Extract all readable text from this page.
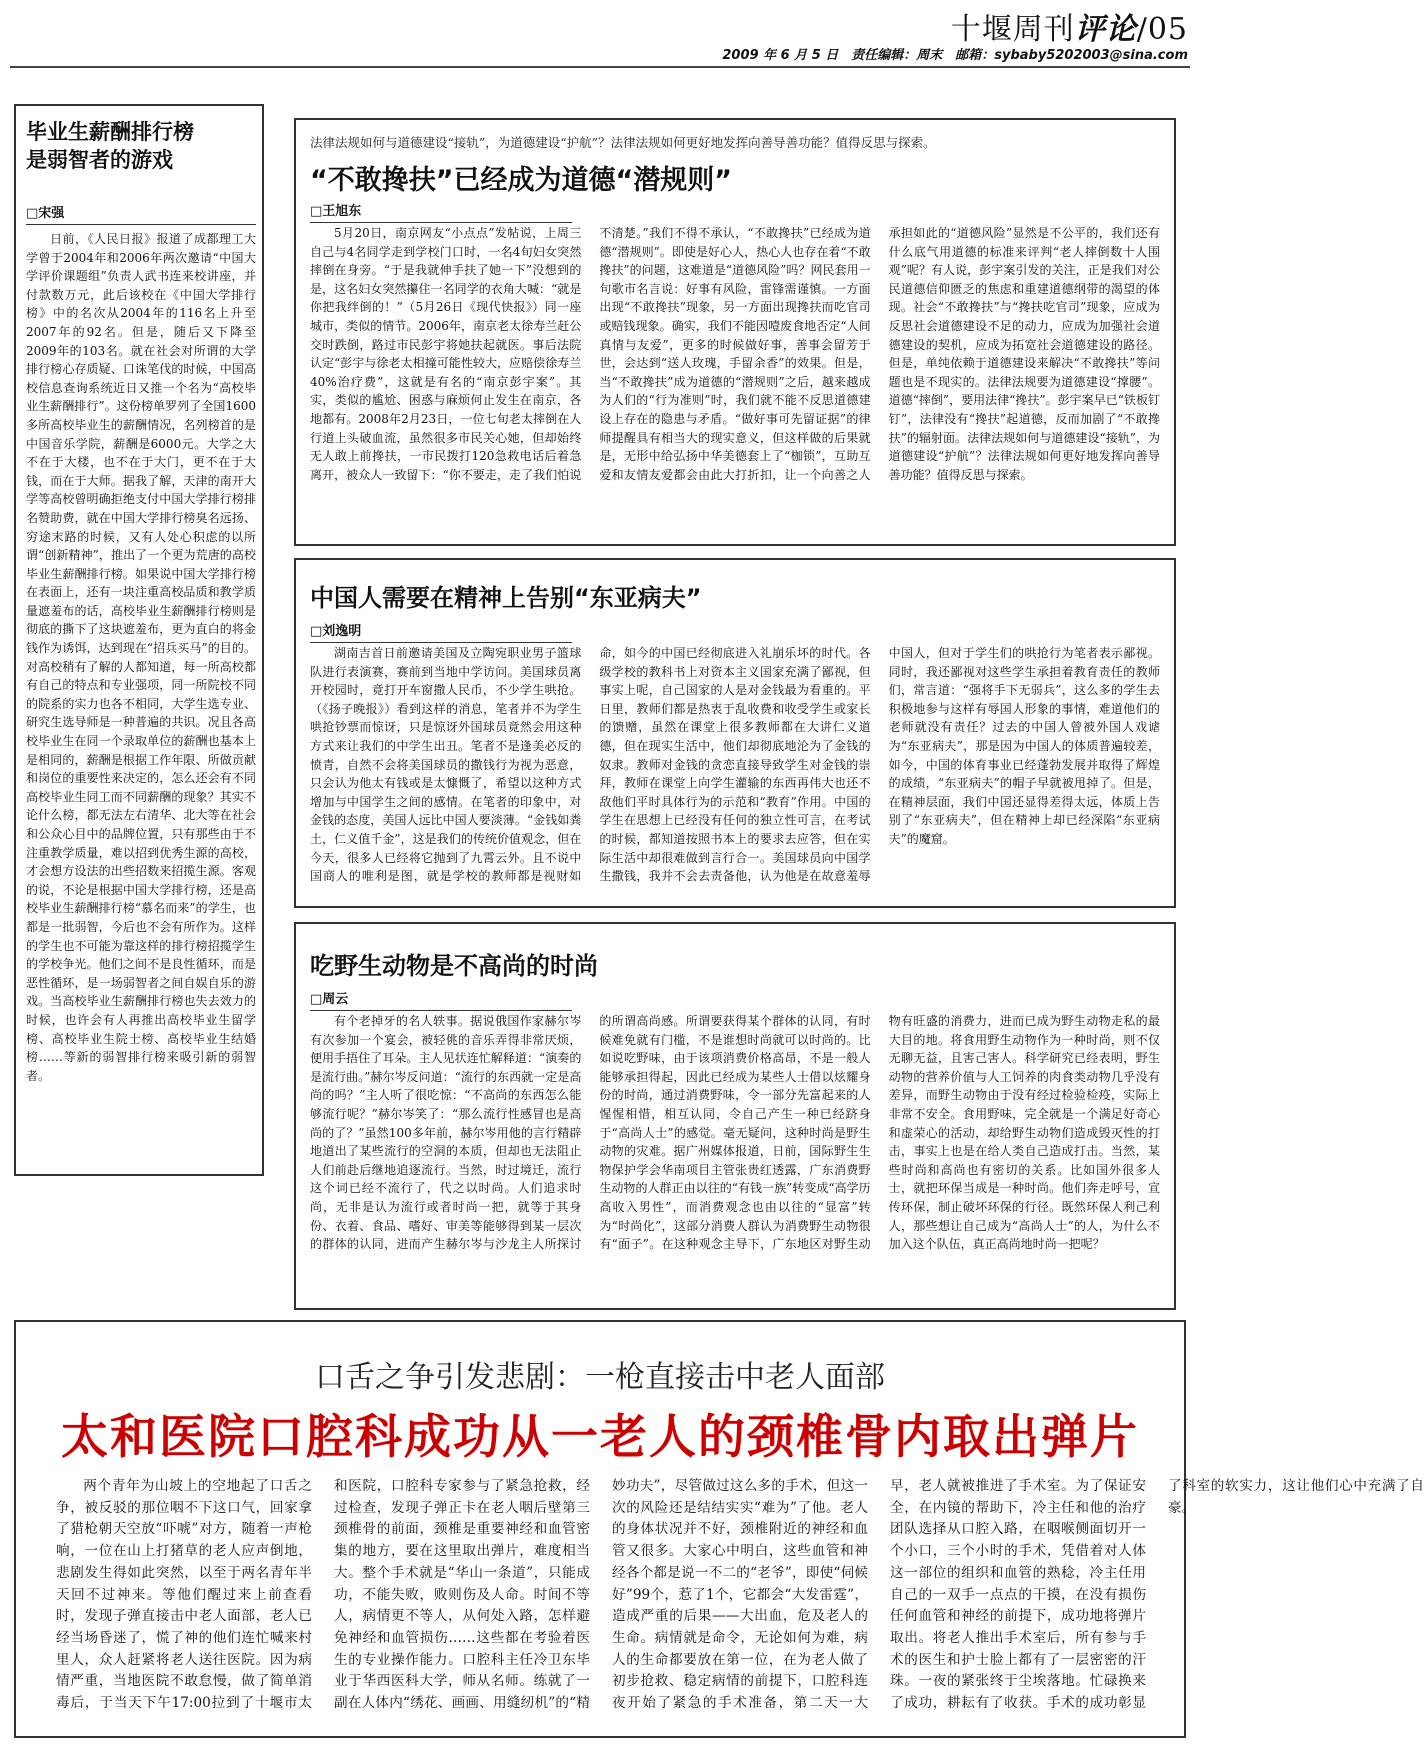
十堰周刊评论/05
2009 年 6 月 5 日　责任编辑：周末　邮箱：sybaby5202003@sina.com
毕业生薪酬排行榜
是弱智者的游戏
□宋强

日前，《人民日报》报道了成都理工大学曾于2004年和2006年两次邀请“中国大学评价课题组”负责人武书连来校讲座，并付款数万元，此后该校在《中国大学排行榜》中的名次从2004年的116名上升至2007年的92名。但是，随后又下降至2009年的103名。就在社会对所谓的大学排行榜心存质疑、口诛笔伐的时候，中国高校信息查询系统近日又推一个名为“高校毕业生薪酬排行”。这份榜单罗列了全国1600多所高校毕业生的薪酬情况，名列榜首的是中国音乐学院，薪酬是6000元。大学之大不在于大楼，也不在于大门，更不在于大钱，而在于大师。据我了解，天津的南开大学等高校曾明确拒绝支付中国大学排行榜排名赞助费，就在中国大学排行榜臭名远扬、穷途末路的时候，又有人处心积虑的以所谓“创新精神”，推出了一个更为荒唐的高校毕业生薪酬排行榜。如果说中国大学排行榜在表面上，还有一块注重高校品质和教学质量遮羞布的话，高校毕业生薪酬排行榜则是彻底的撕下了这块遮羞布，更为直白的将金钱作为诱饵，达到现在“招兵买马”的目的。对高校稍有了解的人都知道，每一所高校都有自己的特点和专业强项，同一所院校不同的院系的实力也各不相同，大学生选专业、研究生选导师是一种普遍的共识。况且各高校毕业生在同一个录取单位的薪酬也基本上是相同的，薪酬是根据工作年限、所做贡献和岗位的重要性来决定的，怎么还会有不同高校毕业生同工而不同薪酬的现象？其实不论什么榜，都无法左右清华、北大等在社会和公众心目中的品牌位置，只有那些由于不注重教学质量，难以招到优秀生源的高校，才会想方设法的出些招数来招揽生源。客观的说，不论是根据中国大学排行榜，还是高校毕业生薪酬排行榜“慕名而来”的学生，也都是一批弱智，今后也不会有所作为。这样的学生也不可能为靠这样的排行榜招揽学生的学校争光。他们之间不是良性循环，而是恶性循环，是一场弱智者之间自娱自乐的游戏。当高校毕业生薪酬排行榜也失去效力的时候，也许会有人再推出高校毕业生留学榜、高校毕业生院士榜、高校毕业生结婚榜……等新的弱智排行榜来吸引新的弱智者。

法律法规如何与道德建设“接轨”，为道德建设“护航”？法律法规如何更好地发挥向善导善功能？值得反思与探索。
“不敢搀扶”已经成为道德“潜规则”
□王旭东

5月20日，南京网友“小点点”发帖说，上周三自己与4名同学走到学校门口时，一名4旬妇女突然摔倒在身旁。“于是我就伸手扶了她一下”没想到的是，这名妇女突然攥住一名同学的衣角大喊：“就是你把我绊倒的！”（5月26日《现代快报》）同一座城市，类似的情节。2006年，南京老太徐寿兰赶公交时跌倒，路过市民彭宇将她扶起就医。事后法院认定“彭宇与徐老太相撞可能性较大，应赔偿徐寿兰40%治疗费”，这就是有名的“南京彭宇案”。其实，类似的尴尬、困惑与麻烦何止发生在南京，各地都有。2008年2月23日，一位七旬老太摔倒在人行道上头破血流，虽然很多市民关心她，但却始终无人敢上前搀扶，一市民拨打120急救电话后着急离开，被众人一致留下：“你不要走，走了我们怕说不清楚。”我们不得不承认，“不敢搀扶”已经成为道德“潜规则”。即使是好心人，热心人也存在着“不敢搀扶”的问题，这难道是“道德风险”吗？网民套用一句歌市名言说：好事有风险，雷锋需谨慎。一方面出现“不敢搀扶”现象，另一方面出现搀扶而吃官司或赔钱现象。确实，我们不能因噎废食地否定“人间真情与友爱”，更多的时候做好事，善事会留芳于世，会达到“送人玫瑰，手留余香”的效果。但是，当“不敢搀扶”成为道德的“潜规则”之后，越来越成为人们的“行为准则”时，我们就不能不反思道德建设上存在的隐患与矛盾。“做好事可先留证据”的律师提醒具有相当大的现实意义，但这样做的后果就是，无形中给弘扬中华美德套上了“枷锁”，互助互爱和友情友爱都会由此大打折扣，让一个向善之人承担如此的“道德风险”显然是不公平的，我们还有什么底气用道德的标准来评判“老人摔倒数十人围观”呢？有人说，彭宇案引发的关注，正是我们对公民道德信仰匮乏的焦虑和重建道德纲带的渴望的体现。社会“不敢搀扶”与“搀扶吃官司”现象，应成为反思社会道德建设不足的动力，应成为加强社会道德建设的契机，应成为拓宽社会道德建设的路径。但是，单纯依赖于道德建设来解决“不敢搀扶”等问题也是不现实的。法律法规要为道德建设“撑腰”。道德“摔倒”，要用法律“搀扶”。彭宇案早已“铁板钉钉”，法律没有“搀扶”起道德，反而加剧了“不敢搀扶”的辐射面。法律法规如何与道德建设“接轨”，为道德建设“护航”？法律法规如何更好地发挥向善导善功能？值得反思与探索。

中国人需要在精神上告别“东亚病夫”
□刘逸明

湖南吉首日前邀请美国及立陶宛职业男子篮球队进行表演赛，赛前到当地中学访问。美国球员离开校园时，竟打开车窗撒人民币，不少学生哄抢。（《扬子晚报》）看到这样的消息，笔者并不为学生哄抢钞票而惊讶，只是惊讶外国球员竟然会用这种方式来让我们的中学生出丑。笔者不是逢美必反的愤青，自然不会将美国球员的撒钱行为视为恶意，只会认为他太有钱或是太慷慨了，希望以这种方式增加与中国学生之间的感情。在笔者的印象中，对金钱的态度，美国人远比中国人要淡薄。“金钱如粪土，仁义值千金”，这是我们的传统价值观念，但在今天，很多人已经将它抛到了九霄云外。且不说中国商人的唯利是图，就是学校的教师都是视财如命，如今的中国已经彻底进入礼崩乐坏的时代。各级学校的教科书上对资本主义国家充满了鄙视，但事实上呢，自己国家的人是对金钱最为看重的。平日里，教师们都是热衷于乱收费和收受学生或家长的馈赠，虽然在课堂上很多教师都在大讲仁义道德，但在现实生活中，他们却彻底地沦为了金钱的奴隶。教师对金钱的贪恋直接导致学生对金钱的崇拜，教师在课堂上向学生灌输的东西再伟大也还不敌他们平时具体行为的示范和“教育”作用。中国的学生在思想上已经没有任何的独立性可言，在考试的时候，都知道按照书本上的要求去应答，但在实际生活中却很难做到言行合一。美国球员向中国学生撒钱，我并不会去责备他，认为他是在故意羞辱中国人，但对于学生们的哄抢行为笔者表示鄙视。同时，我还鄙视对这些学生承担着教育责任的教师们，常言道：“强将手下无弱兵”，这么多的学生去积极地参与这样有辱国人形象的事情，难道他们的老师就没有责任？过去的中国人曾被外国人戏谑为“东亚病夫”，那是因为中国人的体质普遍较差，如今，中国的体育事业已经蓬勃发展并取得了辉煌的成绩，“东亚病夫”的帽子早就被甩掉了。但是，在精神层面，我们中国还显得差得太远，体质上告别了“东亚病夫”，但在精神上却已经深陷“东亚病夫”的魔窟。

吃野生动物是不高尚的时尚
□周云

有个老掉牙的名人轶事。据说俄国作家赫尔岑有次参加一个宴会，被轻佻的音乐弄得非常厌烦，便用手捂住了耳朵。主人见状连忙解释道：“演奏的是流行曲。”赫尔岑反问道：“流行的东西就一定是高尚的吗？”主人听了很吃惊：“不高尚的东西怎么能够流行呢？”赫尔岑笑了：“那么流行性感冒也是高尚的了？”虽然100多年前，赫尔岑用他的言行精辟地道出了某些流行的空洞的本质，但却也无法阻止人们前赴后继地追逐流行。当然，时过境迁，流行这个词已经不流行了，代之以时尚。人们追求时尚，无非是认为流行或者时尚一把，就等于其身份、衣着、食品、嗜好、审美等能够得到某一层次的群体的认同，进而产生赫尔岑与沙龙主人所探讨的所谓高尚感。所谓要获得某个群体的认同，有时候难免就有门槛，不是谁想时尚就可以时尚的。比如说吃野味，由于该项消费价格高昂，不是一般人能够承担得起，因此已经成为某些人士借以炫耀身份的时尚，通过消费野味，令一部分先富起来的人惺惺相惜，相互认同，令自己产生一种已经跻身于“高尚人士”的感觉。毫无疑问，这种时尚是野生动物的灾难。据广州媒体报道，日前，国际野生生物保护学会华南项目主管张贵红透露，广东消费野生动物的人群正由以往的“有钱一族”转变成“高学历高收入男性”，而消费观念也由以往的“显富”转为“时尚化”，这部分消费人群认为消费野生动物很有“面子”。在这种观念主导下，广东地区对野生动物有旺盛的消费力，进而已成为野生动物走私的最大目的地。将食用野生动物作为一种时尚，则不仅无聊无益，且害己害人。科学研究已经表明，野生动物的营养价值与人工饲养的肉食类动物几乎没有差异，而野生动物由于没有经过检验检疫，实际上非常不安全。食用野味，完全就是一个满足好奇心和虚荣心的活动，却给野生动物们造成毁灭性的打击，事实上也是在给人类自己造成打击。当然，某些时尚和高尚也有密切的关系。比如国外很多人士，就把环保当成是一种时尚。他们奔走呼号，宣传环保，制止破坏环保的行径。既然环保人利己利人，那些想让自己成为“高尚人士”的人，为什么不加入这个队伍，真正高尚地时尚一把呢？

口舌之争引发悲剧：一枪直接击中老人面部
太和医院口腔科成功从一老人的颈椎骨内取出弹片

两个青年为山坡上的空地起了口舌之争，被反驳的那位咽不下这口气，回家拿了猎枪朝天空放“吓唬”对方，随着一声枪响，一位在山上打猪草的老人应声倒地，悲剧发生得如此突然，以至于两名青年半天回不过神来。等他们醒过来上前查看时，发现子弹直接击中老人面部，老人已经当场昏迷了，慌了神的他们连忙喊来村里人，众人赶紧将老人送往医院。因为病情严重，当地医院不敢怠慢，做了简单消毒后，于当天下午17:00拉到了十堰市太和医院，口腔科专家参与了紧急抢救，经过检查，发现子弹正卡在老人咽后壁第三颈椎骨的前面，颈椎是重要神经和血管密集的地方，要在这里取出弹片，难度相当大。整个手术就是“华山一条道”，只能成功，不能失败，败则伤及人命。时间不等人，病情更不等人，从何处入路，怎样避免神经和血管损伤……这些都在考验着医生的专业操作能力。口腔科主任冷卫东毕业于华西医科大学，师从名师。练就了一副在人体内“绣花、画画、用缝纫机”的“精妙功夫”，尽管做过这么多的手术，但这一次的风险还是结结实实“难为”了他。老人的身体状况并不好，颈椎附近的神经和血管又很多。大家心中明白，这些血管和神经各个都是说一不二的“老爷”，即使“伺候好”99个，惹了1个，它都会“大发雷霆”，造成严重的后果——大出血，危及老人的生命。病情就是命令，无论如何为难，病人的生命都要放在第一位，在为老人做了初步抢救、稳定病情的前提下，口腔科连夜开始了紧急的手术准备，第二天一大早，老人就被推进了手术室。为了保证安全，在内镜的帮助下，冷主任和他的治疗团队选择从口腔入路，在咽喉侧面切开一个小口，三个小时的手术，凭借着对人体这一部位的组织和血管的熟稔，冷主任用自己的一双手一点点的干摸，在没有损伤任何血管和神经的前提下，成功地将弹片取出。将老人推出手术室后，所有参与手术的医生和护士脸上都有了一层密密的汗珠。一夜的紧张终于尘埃落地。忙碌换来了成功，耕耘有了收获。手术的成功彰显了科室的软实力，这让他们心中充满了自豪。
